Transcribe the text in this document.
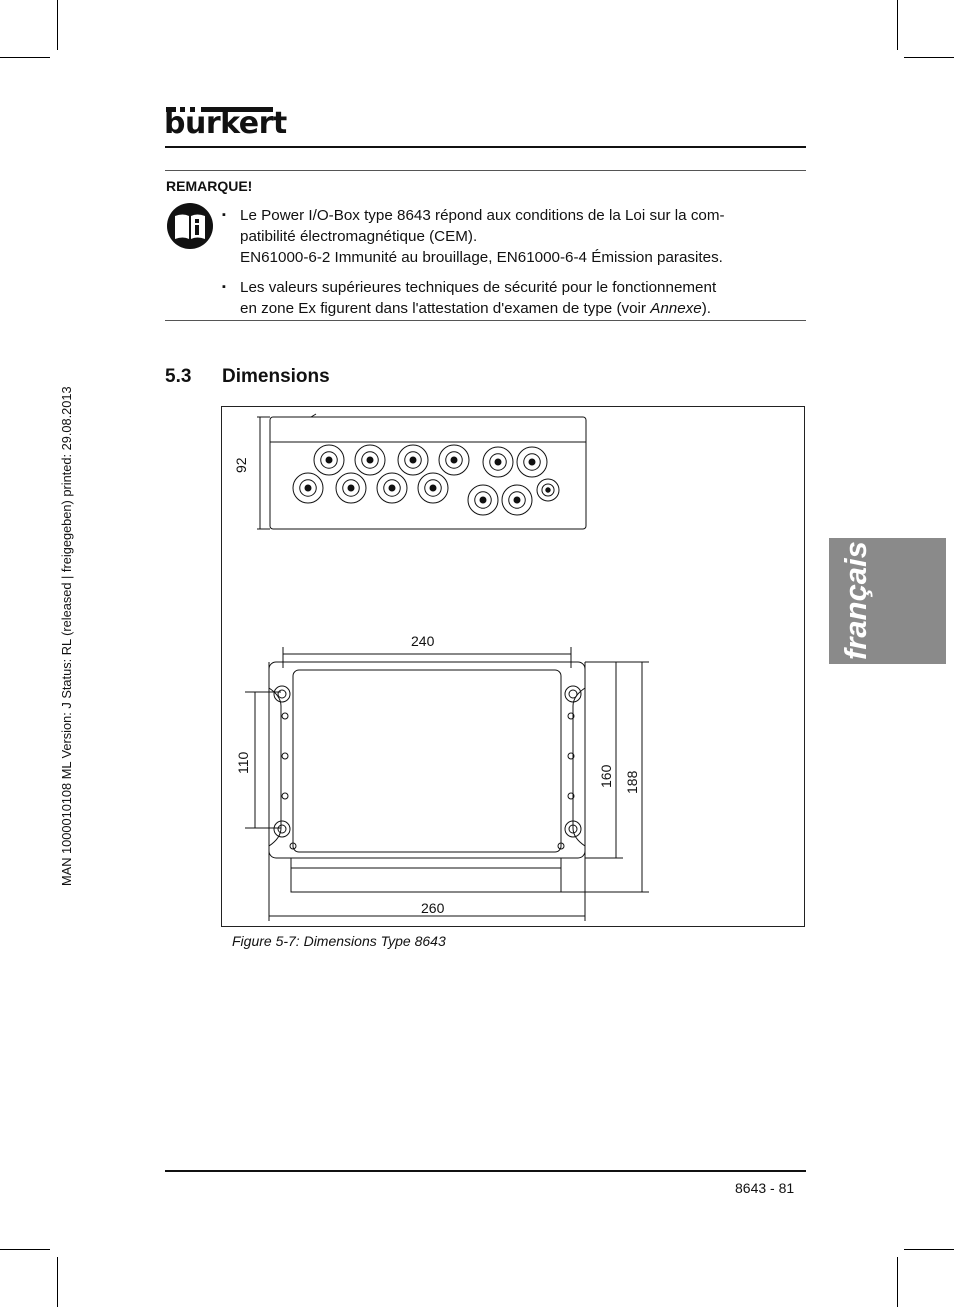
MAN 1000010108 ML Version: J Status: RL (released | freigegeben) printed: 29.08.2013
burkert
REMARQUE!
▪ Le Power I/O-Box type 8643 répond aux conditions de la Loi sur la com-
patibilité électromagnétique (CEM).
EN61000-6-2 Immunité au brouillage, EN61000-6-4 Émission parasites.
▪ Les valeurs supérieures techniques de sécurité pour le fonctionnement
en zone Ex figurent dans l'attestation d'examen de type (voir Annexe).
5.3 Dimensions
92
240
110
160 188
260
Figure 5-7: Dimensions Type 8643
français
8643 - 81
